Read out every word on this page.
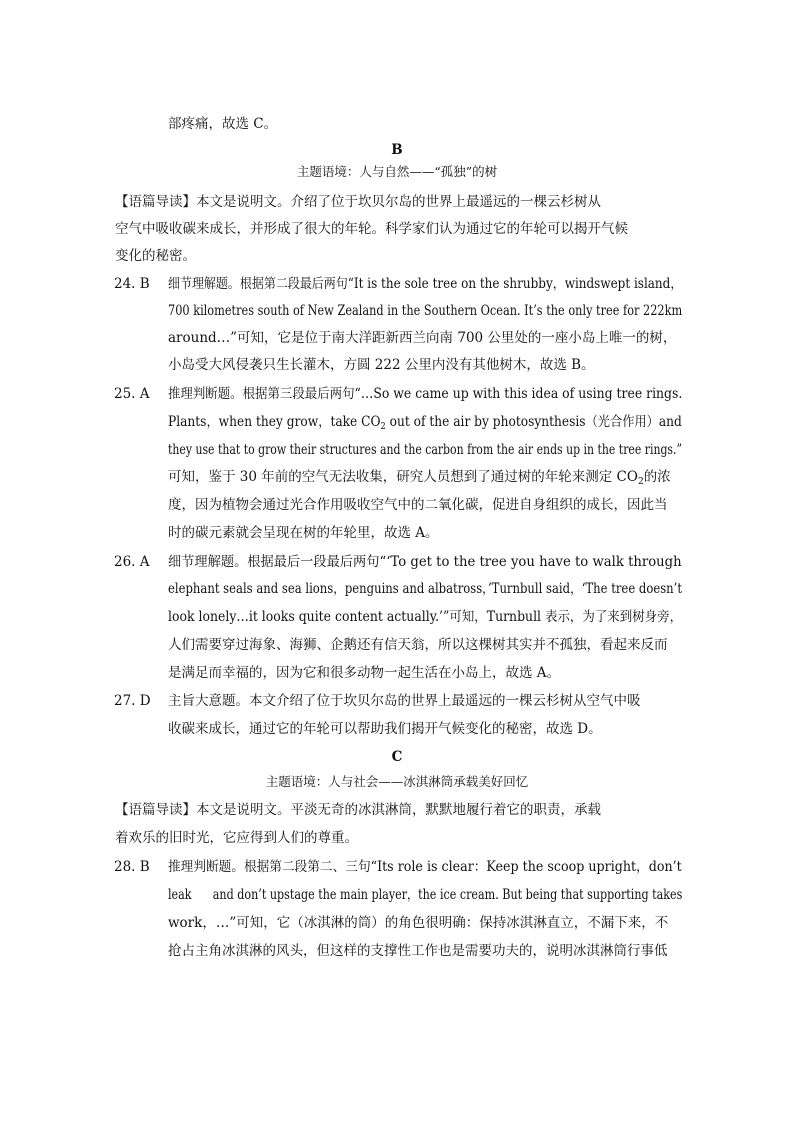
部疼痛，故选 C。
B
主题语境：人与自然——“孤独”的树
【语篇导读】本文是说明文。介绍了位于坎贝尔岛的世界上最遥远的一棵云杉树从
空气中吸收碳来成长，并形成了很大的年轮。科学家们认为通过它的年轮可以揭开气候
变化的秘密。
24. B 细节理解题。根据第二段最后两句“It is the sole tree on the shrubby，windswept island，
700 kilometres south of New Zealand in the Southern Ocean. It’s the only tree for 222km
around…”可知，它是位于南大洋距新西兰向南 700 公里处的一座小岛上唯一的树，
小岛受大风侵袭只生长灌木，方圆 222 公里内没有其他树木，故选 B。
25. A 推理判断题。根据第三段最后两句“…So we came up with this idea of using tree rings.
Plants，when they grow，take $CO_2$ out of the air by photosynthesis（光合作用）and
they use that to grow their structures and the carbon from the air ends up in the tree rings.”
可知，鉴于 30 年前的空气无法收集，研究人员想到了通过树的年轮来测定 $CO_2$的浓
度，因为植物会通过光合作用吸收空气中的二氧化碳，促进自身组织的成长，因此当
时的碳元素就会呈现在树的年轮里，故选 A。
26. A 细节理解题。根据最后一段最后两句“‘To get to the tree you have to walk through
elephant seals and sea lions，penguins and albatross，’Turnbull said，‘The tree doesn’t
look lonely…it looks quite content actually.’”可知，Turnbull 表示，为了来到树身旁，
人们需要穿过海象、海狮、企鹅还有信天翁，所以这棵树其实并不孤独，看起来反而
是满足而幸福的，因为它和很多动物一起生活在小岛上，故选 A。
27. D 主旨大意题。本文介绍了位于坎贝尔岛的世界上最遥远的一棵云杉树从空气中吸
收碳来成长，通过它的年轮可以帮助我们揭开气候变化的秘密，故选 D。
C
主题语境：人与社会——冰淇淋筒承载美好回忆
【语篇导读】本文是说明文。平淡无奇的冰淇淋筒，默默地履行着它的职责，承载
着欢乐的旧时光，它应得到人们的尊重。
28. B 推理判断题。根据第二段第二、三句“Its role is clear：Keep the scoop upright，don’t
leak      and don’t upstage the main player，the ice cream. But being that supporting takes
work，…”可知，它（冰淇淋的筒）的角色很明确：保持冰淇淋直立，不漏下来，不
抢占主角冰淇淋的风头，但这样的支撑性工作也是需要功夫的，说明冰淇淋筒行事低
